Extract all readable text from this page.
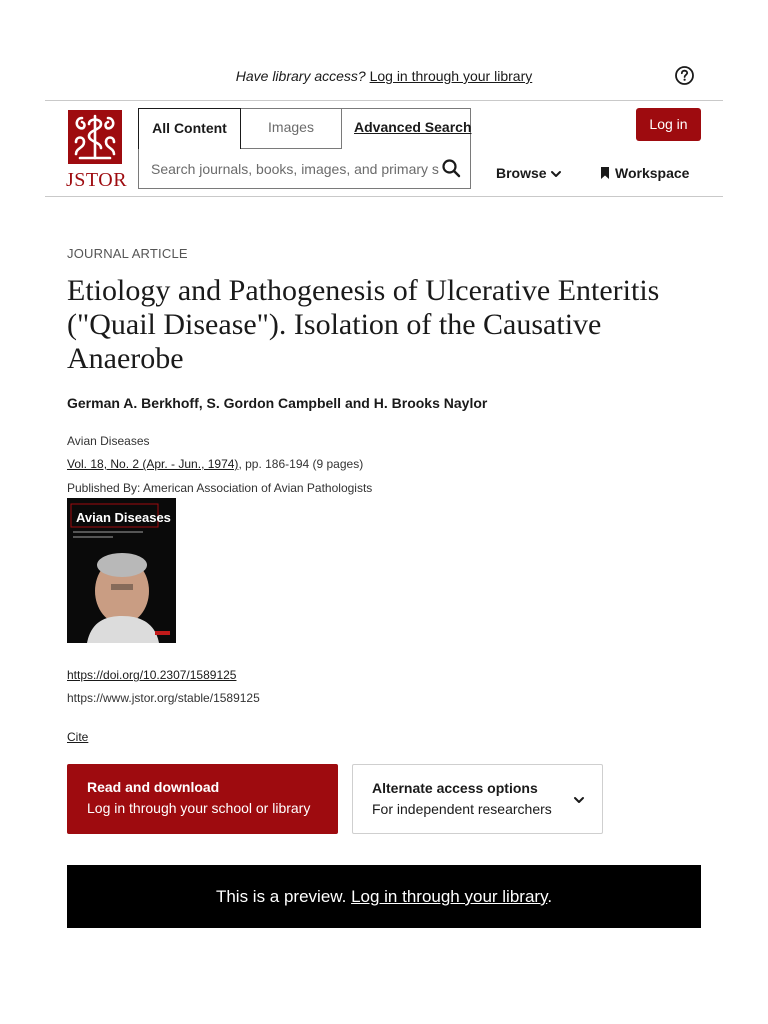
Have library access? Log in through your library
JSTOR
All Content	Images	Advanced Search
Search journals, books, images, and primary sources	Log in
Browse	Workspace
JOURNAL ARTICLE
Etiology and Pathogenesis of Ulcerative Enteritis ("Quail Disease"). Isolation of the Causative Anaerobe
German A. Berkhoff, S. Gordon Campbell and H. Brooks Naylor
Avian Diseases
Vol. 18, No. 2 (Apr. - Jun., 1974), pp. 186-194 (9 pages)
Published By: American Association of Avian Pathologists
Avian Diseases
https://doi.org/10.2307/1589125
https://www.jstor.org/stable/1589125
Cite
Read and download
Log in through your school or library
Alternate access options
For independent researchers
This is a preview. Log in through your library.
